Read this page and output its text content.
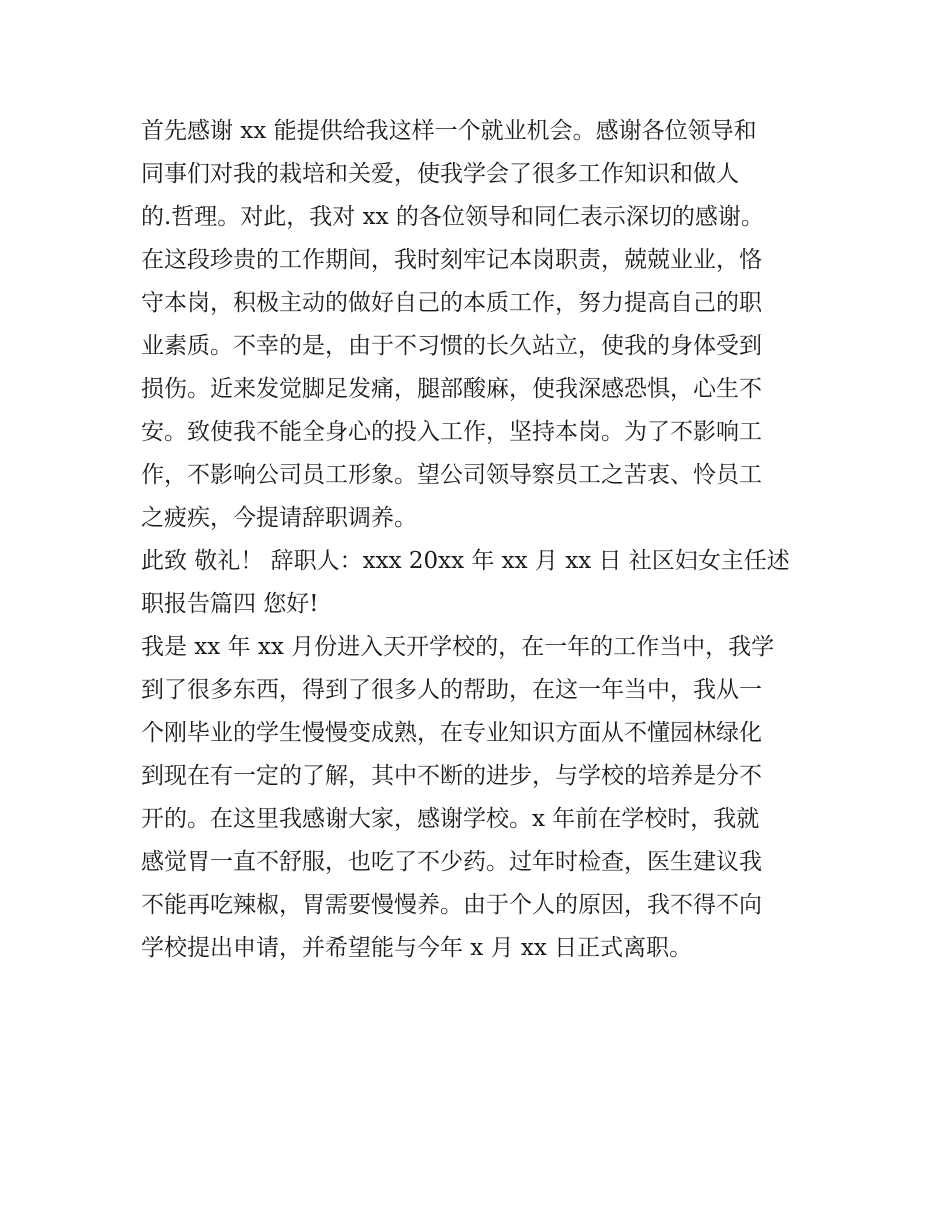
首先感谢 xx 能提供给我这样一个就业机会。感谢各位领导和
同事们对我的栽培和关爱，使我学会了很多工作知识和做人
的.哲理。对此，我对 xx 的各位领导和同仁表示深切的感谢。
在这段珍贵的工作期间，我时刻牢记本岗职责，兢兢业业，恪
守本岗，积极主动的做好自己的本质工作，努力提高自己的职
业素质。不幸的是，由于不习惯的长久站立，使我的身体受到
损伤。近来发觉脚足发痛，腿部酸麻，使我深感恐惧，心生不
安。致使我不能全身心的投入工作，坚持本岗。为了不影响工
作，不影响公司员工形象。望公司领导察员工之苦衷、怜员工
之疲疾，今提请辞职调养。
此致 敬礼！ 辞职人：xxx 20xx 年 xx 月 xx 日 社区妇女主任述
职报告篇四 您好!
我是 xx 年 xx 月份进入天开学校的，在一年的工作当中，我学
到了很多东西，得到了很多人的帮助，在这一年当中，我从一
个刚毕业的学生慢慢变成熟，在专业知识方面从不懂园林绿化
到现在有一定的了解，其中不断的进步，与学校的培养是分不
开的。在这里我感谢大家，感谢学校。x 年前在学校时，我就
感觉胃一直不舒服，也吃了不少药。过年时检查，医生建议我
不能再吃辣椒，胃需要慢慢养。由于个人的原因，我不得不向
学校提出申请，并希望能与今年 x 月 xx 日正式离职。
